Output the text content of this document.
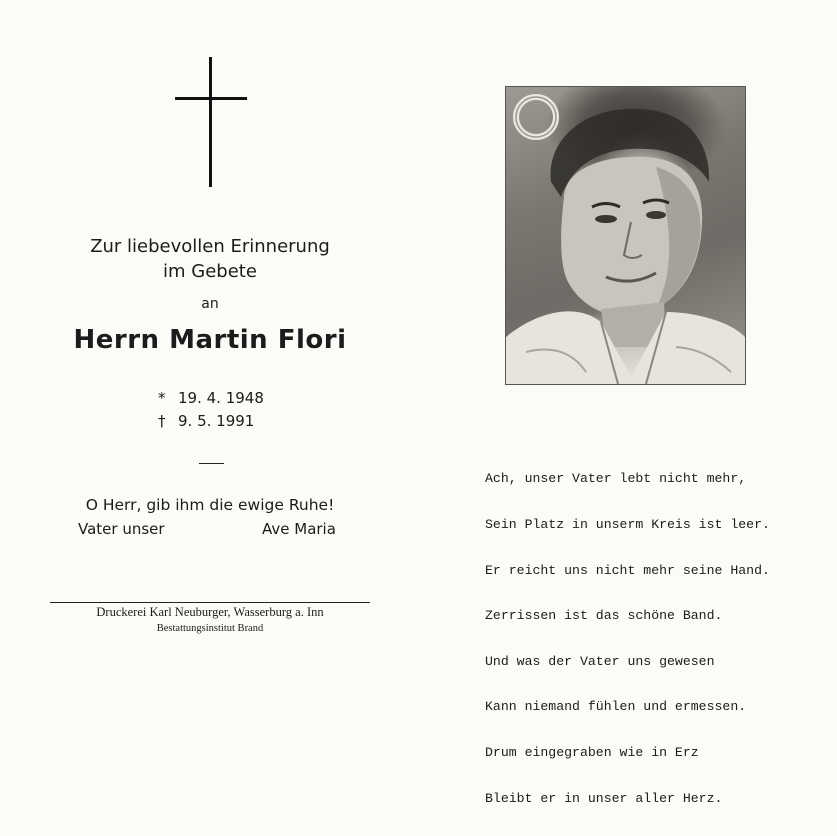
Zur liebevollen Erinnerung
im Gebete
an
Herrn Martin Flori
* 19. 4. 1948
† 9. 5. 1991
O Herr, gib ihm die ewige Ruhe!
Vater unser	Ave Maria
Druckerei Karl Neuburger, Wasserburg a. Inn
Bestattungsinstitut Brand

Ach, unser Vater lebt nicht mehr,

Sein Platz in unserm Kreis ist leer.

Er reicht uns nicht mehr seine Hand.

Zerrissen ist das schöne Band.

Und was der Vater uns gewesen

Kann niemand fühlen und ermessen.

Drum eingegraben wie in Erz

Bleibt er in unser aller Herz.
